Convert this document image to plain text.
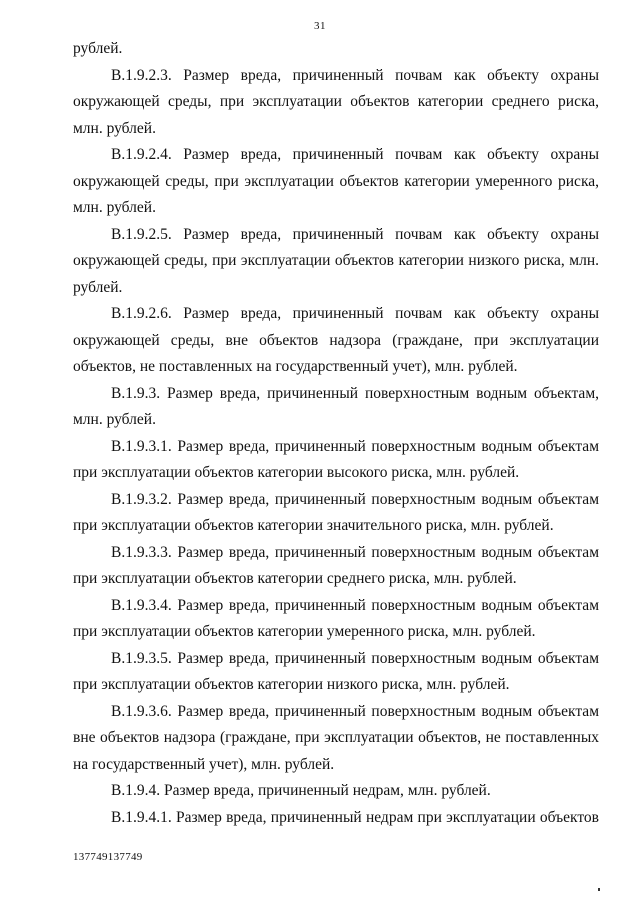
31

рублей.

В.1.9.2.3. Размер вреда, причиненный почвам как объекту охраны окружающей среды, при эксплуатации объектов категории среднего риска, млн. рублей.

В.1.9.2.4. Размер вреда, причиненный почвам как объекту охраны окружающей среды, при эксплуатации объектов категории умеренного риска, млн. рублей.

В.1.9.2.5. Размер вреда, причиненный почвам как объекту охраны окружающей среды, при эксплуатации объектов категории низкого риска, млн. рублей.

В.1.9.2.6. Размер вреда, причиненный почвам как объекту охраны окружающей среды, вне объектов надзора (граждане, при эксплуатации объектов, не поставленных на государственный учет), млн. рублей.

В.1.9.3. Размер вреда, причиненный поверхностным водным объектам, млн. рублей.

В.1.9.3.1. Размер вреда, причиненный поверхностным водным объектам при эксплуатации объектов категории высокого риска, млн. рублей.

В.1.9.3.2. Размер вреда, причиненный поверхностным водным объектам при эксплуатации объектов категории значительного риска, млн. рублей.

В.1.9.3.3. Размер вреда, причиненный поверхностным водным объектам при эксплуатации объектов категории среднего риска, млн. рублей.

В.1.9.3.4. Размер вреда, причиненный поверхностным водным объектам при эксплуатации объектов категории умеренного риска, млн. рублей.

В.1.9.3.5. Размер вреда, причиненный поверхностным водным объектам при эксплуатации объектов категории низкого риска, млн. рублей.

В.1.9.3.6. Размер вреда, причиненный поверхностным водным объектам вне объектов надзора (граждане, при эксплуатации объектов, не поставленных на государственный учет), млн. рублей.

В.1.9.4. Размер вреда, причиненный недрам, млн. рублей.

В.1.9.4.1. Размер вреда, причиненный недрам при эксплуатации объектов

137749137749
